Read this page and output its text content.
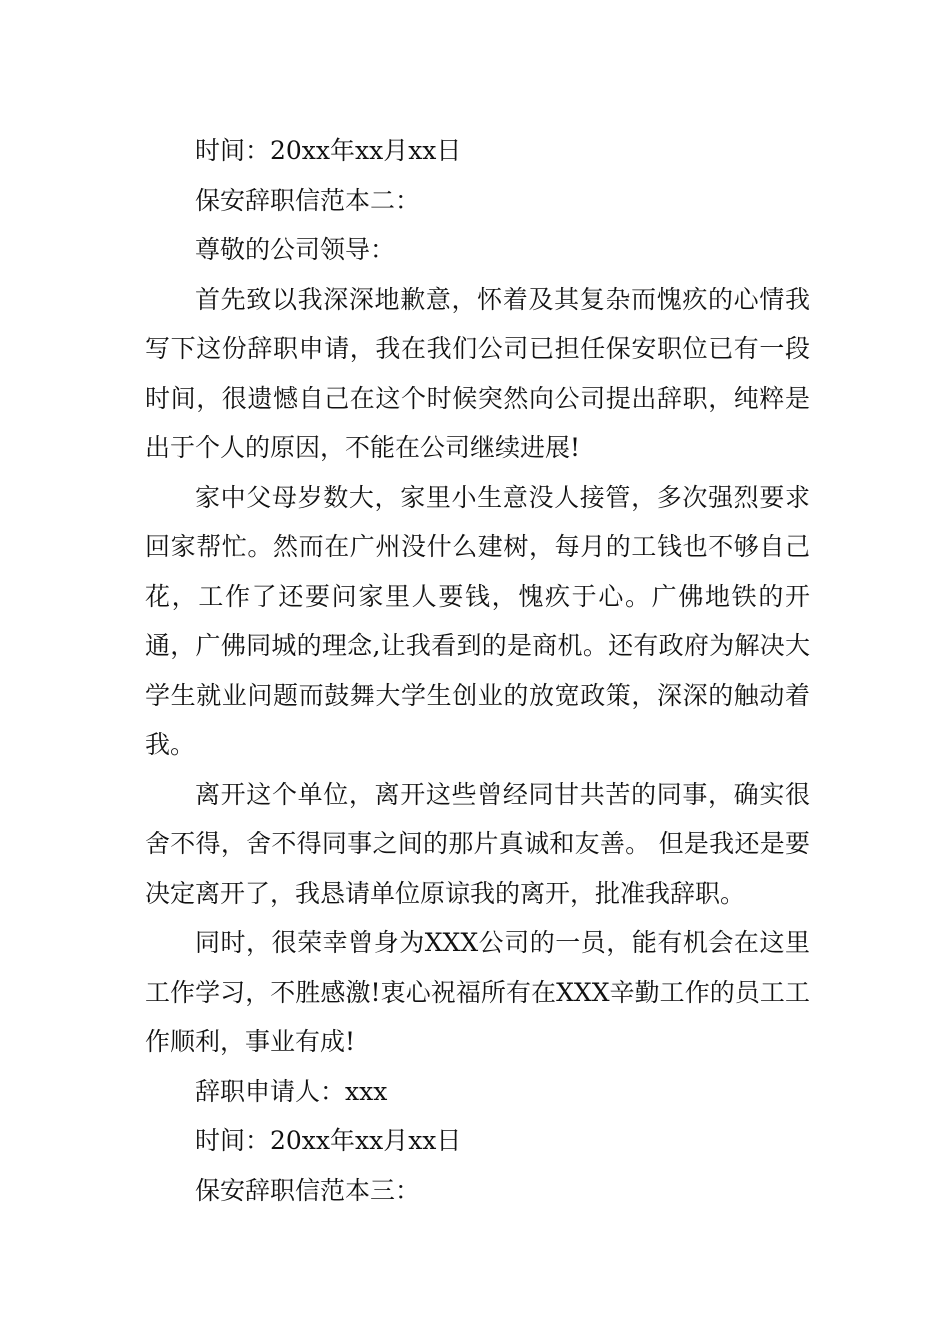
时间：20xx年xx月xx日

保安辞职信范本二：

尊敬的公司领导：

首先致以我深深地歉意，怀着及其复杂而愧疚的心情我写下这份辞职申请，我在我们公司已担任保安职位已有一段时间，很遗憾自己在这个时候突然向公司提出辞职，纯粹是出于个人的原因，不能在公司继续进展!

家中父母岁数大，家里小生意没人接管，多次强烈要求回家帮忙。然而在广州没什么建树，每月的工钱也不够自己花，工作了还要问家里人要钱，愧疚于心。广佛地铁的开通，广佛同城的理念,让我看到的是商机。还有政府为解决大学生就业问题而鼓舞大学生创业的放宽政策，深深的触动着我。

离开这个单位，离开这些曾经同甘共苦的同事，确实很舍不得，舍不得同事之间的那片真诚和友善。 但是我还是要决定离开了，我恳请单位原谅我的离开，批准我辞职。

同时，很荣幸曾身为XXX公司的一员，能有机会在这里工作学习，不胜感激!衷心祝福所有在XXX辛勤工作的员工工作顺利，事业有成!

辞职申请人：xxx

时间：20xx年xx月xx日

保安辞职信范本三：
